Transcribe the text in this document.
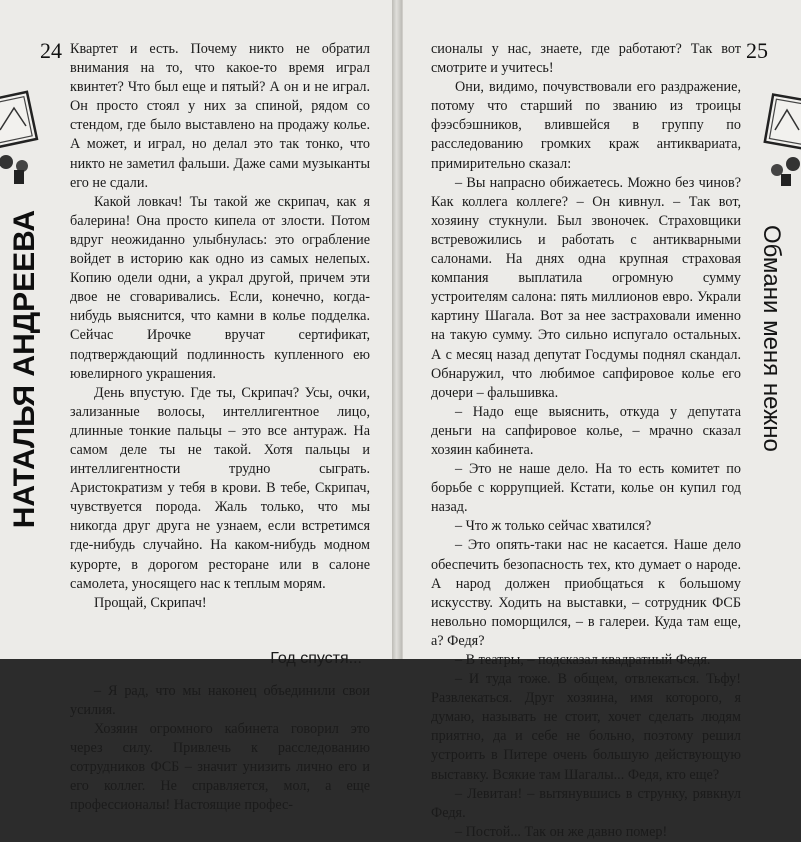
24
НАТАЛЬЯ АНДРЕЕВА

Квартет и есть. Почему никто не обратил внимания на то, что какое-то время играл квинтет? Что был еще и пятый? А он и не играл. Он просто стоял у них за спиной, рядом со стендом, где было выставлено на продажу колье. А может, и играл, но делал это так тонко, что никто не заметил фальши. Даже сами музыканты его не сдали.

Какой ловкач! Ты такой же скрипач, как я балерина! Она просто кипела от злости. Потом вдруг неожиданно улыбнулась: это ограбление войдет в историю как одно из самых нелепых. Копию одели одни, а украл другой, причем эти двое не сговаривались. Если, конечно, когда-нибудь выяснится, что камни в колье подделка. Сейчас Ирочке вручат сертификат, подтверждающий подлинность купленного ею ювелирного украшения.

День впустую. Где ты, Скрипач? Усы, очки, зализанные волосы, интеллигентное лицо, длинные тонкие пальцы – это все антураж. На самом деле ты не такой. Хотя пальцы и интеллигентности трудно сыграть. Аристократизм у тебя в крови. В тебе, Скрипач, чувствуется порода. Жаль только, что мы никогда друг друга не узнаем, если встретимся где-нибудь случайно. На каком-нибудь модном курорте, в дорогом ресторане или в салоне самолета, уносящего нас к теплым морям.

Прощай, Скрипач!

Год спустя...

– Я рад, что мы наконец объединили свои усилия.

Хозяин огромного кабинета говорил это через силу. Привлечь к расследованию сотрудников ФСБ – значит унизить лично его и его коллег. Не справляется, мол, а еще профессионалы! Настоящие профес-

25
Обмани меня нежно

сионалы у нас, знаете, где работают? Так вот смотрите и учитесь!

Они, видимо, почувствовали его раздражение, потому что старший по званию из троицы фээсбэшников, влившейся в группу по расследованию громких краж антиквариата, примирительно сказал:

– Вы напрасно обижаетесь. Можно без чинов? Как коллега коллеге? – Он кивнул. – Так вот, хозяину стукнули. Был звоночек. Страховщики встревожились и работать с антикварными салонами. На днях одна крупная страховая компания выплатила огромную сумму устроителям салона: пять миллионов евро. Украли картину Шагала. Вот за нее застраховали именно на такую сумму. Это сильно испугало остальных. А с месяц назад депутат Госдумы поднял скандал. Обнаружил, что любимое сапфировое колье его дочери – фальшивка.

– Надо еще выяснить, откуда у депутата деньги на сапфировое колье, – мрачно сказал хозяин кабинета.

– Это не наше дело. На то есть комитет по борьбе с коррупцией. Кстати, колье он купил год назад.

– Что ж только сейчас хватился?

– Это опять-таки нас не касается. Наше дело обеспечить безопасность тех, кто думает о народе. А народ должен приобщаться к большому искусству. Ходить на выставки, – сотрудник ФСБ невольно поморщился, – в галереи. Куда там еще, а? Федя?

– В театры, – подсказал квадратный Федя.

– И туда тоже. В общем, отвлекаться. Тьфу! Развлекаться. Друг хозяина, имя которого, я думаю, называть не стоит, хочет сделать людям приятно, да и себе не больно, поэтому решил устроить в Питере очень большую действующую выставку. Всякие там Шагалы... Федя, кто еще?

– Левитан! – вытянувшись в струнку, рявкнул Федя.

– Постой... Так он же давно помер!
